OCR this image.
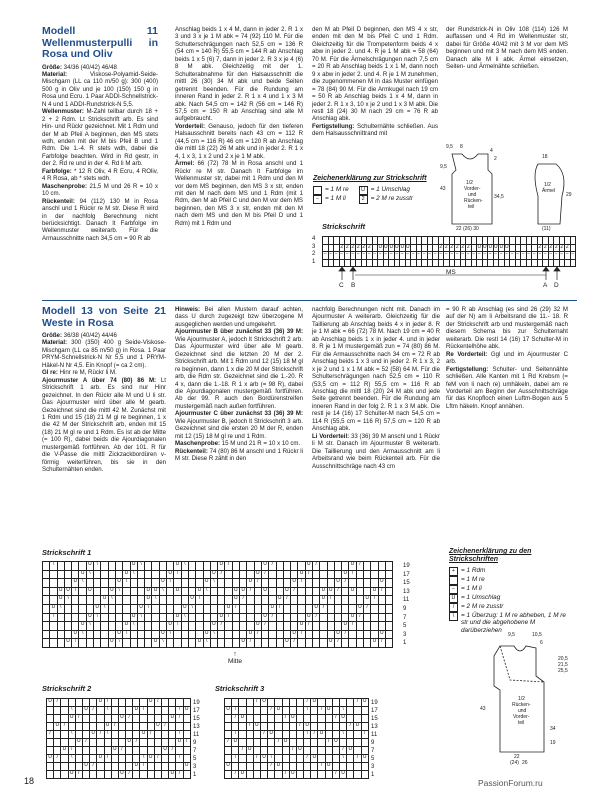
Modell 11 Wellenmusterpulli in Rosa und Oliv

Größe: 34/36 (40/42) 46/48

Material: Viskose-Polyamid-Seide-Mischgarn (LL ca 110 m/50 g): 300 (400) 500 g in Oliv und je 100 (150) 150 g in Rosa und Ecru. 1 Paar ADDI-Schnellstrick-N 4 und 1 ADDI-Rundstrick-N 5,5.

Wellenmuster: M-Zahl teilbar durch 18 + 2 + 2 Rdm. Lt Strickschrift arb. Es sind Hin- und Rückr gezeichnet. Mit 1 Rdm und der M ab Pfeil A beginnen, den MS stets wdh, enden mit der M bis Pfeil B und 1 Rdm. Die 1.-4. R stets wdh, dabei die Farbfolge beachten. Wird in Rd gestr, in der 2. Rd re und in der 4. Rd li M arb.

Farbfolge: * 12 R Oliv, 4 R Ecru, 4 ROliv, 4 R Rosa, ab * stets wdh.

Maschenprobe: 21,5 M und 26 R = 10 x 10 cm.

Rückenteil: 94 (112) 130 M in Rosa anschl und 1 Rückr re M str. Diese R wird in der nachfolg Berechnung nicht berücksichtigt. Danach lt Farbfolge im Wellenmuster weiterarb. Für die Armausschnitte nach 34,5 cm = 90 R ab

Anschlag beids 1 x 4 M, dann in jeder 2. R 1 x 3 und 3 x je 1 M abk = 74 (92) 110 M. Für die Schulterschrägungen nach 52,5 cm = 136 R (54 cm = 140 R) 55,5 cm = 144 R ab Anschlag beids 1 x 5 (6) 7, dann in jeder 2. R 3 x je 4 (6) 8 M abk. Gleichzeitig mit der 1. Schulterabnahme für den Halsausschnitt die mittl 26 (30) 34 M abk und beide Seiten getrennt beenden. Für die Rundung am inneren Rand in jeder 2. R 1 x 4 und 1 x 3 M abk. Nach 54,5 cm = 142 R (56 cm = 146 R) 57,5 cm = 150 R ab Anschlag sind alle M aufgebraucht.

Vorderteil: Genauso, jedoch für den tieferen Halsausschnitt bereits nach 43 cm = 112 R (44,5 cm = 116 R) 46 cm = 120 R ab Anschlag die mittl 18 (22) 26 M abk und in jeder 2. R 1 x 4, 1 x 3, 1 x 2 und 2 x je 1 M abk.

Ärmel: 66 (72) 78 M in Rosa anschl und 1 Rückr re M str. Danach lt Farbfolge im Wellenmuster str, dabei mit 1 Rdm und den M vor dem MS beginnen, den MS 3 x str, enden mit den M nach dem MS und 1 Rdm (mit 1 Rdm, den M ab Pfeil C und den M vor dem MS beginnen, den MS 3 x str, enden mit den M nach dem MS und den M bis Pfeil D und 1 Rdm) mit 1 Rdm und

den M ab Pfeil D beginnen, den MS 4 x str, enden mit den M bis Pfeil C und 1 Rdm. Gleichzeitig für die Trompetenform beids 4 x abw in jeder 2. und 4. R je 1 M abk = 58 (64) 70 M. Für die Ärmelschrägungen nach 7,5 cm = 20 R ab Anschlag beids 1 x 1 M, dann noch 9 x abw in jeder 2. und 4. R je 1 M zunehmen, die zugenommenen M in das Muster einfügen = 78 (84) 90 M. Für die Armkugel nach 19 cm = 50 R ab Anschlag beids 1 x 4 M, dann in jeder 2. R 1 x 3, 10 x je 2 und 1 x 3 M abk. Die restl 18 (24) 30 M nach 29 cm = 76 R ab Anschlag abk.

Fertigstellung: Schulternähte schließen. Aus dem Halsausschnittrand mit

der Rundstrick-N in Oliv 108 (114) 126 M auffassen und 4 Rd im Wellenmuster str, dabei für Größe 40/42 mit 3 M vor dem MS beginnen und mit 3 M nach dem MS enden. Danach alle M li abk. Ärmel einsetzen, Seiten- und Ärmelnähte schließen.

Zeichenerklärung zur Strickschrift
= 1 M re
− = 1 M li
U = 1 Umschlag
2 = 2 M re zusstr
9,5 8
4
2
9,5
1/2
Vorder-
und
Rücken-
teil
43
34,5
22 (26) 30
18
1/2
Ärmel
29
(11)
Strickschrift
2 2 2 2 2 2	U U U U U U	2 2 2 2 2 2	U U U U U U	2 2 2 2 2 2
− − − − − − − − − − − − − − − − − − − − − − − − − − − − − − − − − − − − − − − − − − − − − −
4
3
2
1
C B
MS
A D
Modell 13 von Seite 21 Weste in Rosa

Größe: 36/38 (40/42) 44/46

Material: 300 (350) 400 g Seide-Viskose-Mischgarn (LL ca 85 m/50 g) in Rosa. 1 Paar PRYM-Schnellstrick-N Nr 5,5 und 1 PRYM-Häkel-N Nr 4,5. Ein Knopf (= ca 2 cm).

Gl re: Hinr re M, Rückr li M.

Ajourmuster A über 74 (80) 86 M: Lt Strickschrift 1 arb. Es sind nur Hinr gezeichnet. In den Rückr alle M und U li str. Das Ajourmuster wird über alle M gearb. Gezeichnet sind die mittl 42 M. Zunächst mit 1 Rdm und 15 (18) 21 M gl re beginnen, 1 x die 42 M der Strickschrift arb, enden mit 15 (18) 21 M gl re und 1 Rdm. Es ist ab der Mitte (= 100 R), dabei beids die Ajourdiagonalen mustergemäß fortführen. Ab der 101. R für die V-Passe die mittl Zickzackbordüren v-förmig weiterführen, bis sie in den Schulternähten enden.

Hinweis: Bei allen Mustern darauf achten, dass U durch zugezeigt bzw überzogene M ausgeglichen werden und umgekehrt.

Ajourmuster B über zunächst 33 (36) 39 M: Wie Ajourmuster A, jedoch lt Strickschrift 2 arb. Das Ajourmuster wird über alle M gearb. Gezeichnet sind die letzten 20 M der 2. Strickschrift arb. Mit 1 Rdm und 12 (15) 18 M gl re beginnen, dann 1 x die 20 M der Strickschrift arb, die Rdm str. Gezeichnet sind die 1.-20. R 4 x, dann die 1.-18. R 1 x arb (= 98 R), dabei die Ajourdiagonalen mustergemäß fortführen. Ab der 99. R auch den Bordürenstreifen mustergemäß nach außen fortführen.

Ajourmuster C über zunächst 33 (36) 39 M: Wie Ajourmuster B, jedoch lt Strickschrift 3 arb. Gezeichnet sind die ersten 20 M der R, enden mit 12 (15) 18 M gl re und 1 Rdm.

Maschenprobe: 15 M und 21 R = 10 x 10 cm.

Rückenteil: 74 (80) 86 M anschl und 1 Rückr li M str. Diese R zählt in den

nachfolg Berechnungen nicht mit. Danach im Ajourmuster A weiterarb. Gleichzeitig für die Taillierung ab Anschlag beids 4 x in jeder 8. R je 1 M abk = 66 (72) 78 M. Nach 19 cm = 40 R ab Anschlag beids 1 x in jeder 4. und in jeder 8. R je 1 M mustergemäß zun = 74 (80) 86 M. Für die Armausschnitte nach 34 cm = 72 R ab Anschlag beids 1 x 3 und in jeder 2. R 1 x 3, 2 x je 2 und 1 x 1 M abk = 52 (58) 64 M. Für die Schulterschrägungen nach 52,5 cm = 110 R (53,5 cm = 112 R) 55,5 cm = 116 R ab Anschlag die mittl 18 (20) 24 M abk und jede Seite getrennt beenden. Für die Rundung am inneren Rand in der folg 2. R 1 x 3 M abk. Die restl je 14 (16) 17 Schulter-M nach 54,5 cm = 114 R (55,5 cm = 116 R) 57,5 cm = 120 R ab Anschlag abk.

Li Vorderteil: 33 (36) 39 M anschl und 1 Rückr li M str. Danach im Ajourmuster B weiterarb. Die Taillierung und den Armausschnitt am li Arbeitsrand wie beim Rückenteil arb. Für die Ausschnittschräge nach 43 cm

= 90 R ab Anschlag (es sind 26 (29) 32 M auf der N) am li Arbeitsrand die 11.- 18. R der Strickschrift arb und mustergemäß nach diesem Schema bis zur Schulternaht weiterarb. Die restl 14 (16) 17 Schulter-M in Rückentelhöhe abk.

Re Vorderteil: Ggl und im Ajourmuster C arb.

Fertigstellung: Schulter- und Seitennähte schließen. Alle Kanten mit 1 Rd Krebsm (= feM von li nach re) umhäkeln, dabei am re Vorderteil am Beginn der Ausschnittschräge für das Knopfloch einen Luftm-Bogen aus 5 Lftm häkeln. Knopf annähen.

Strickschrift 1
\	U \	U \	U \	U /	U /	U /	U /
U \	U \	U \	U /	U /	U /	U /
U \	U \	U \	U \	U /	U /	U /	U
U U \	U	U \	U U \	U	U \	U U /	U	U /	U U /	U	U /
U \	U \	U \	U \	U /	U /	U /	U /
U \	U \	U \	U \	U /	U /	U /	U /
\	U \	U \	U \	U /	U /	U /	U /
U \	U \	U \	U /	U /	U /	U /
U \	U \	U \	U \	U /	U /	U /	U
U \	U \	U \	U \	U /	U /	U /	U /
19
17
15
13
11
9
7
5
3
1
↑
Mitte
Strickschrift 2
U /	U /	U /
\	U /	\	U /	\ U
U /	U /	U /
U /	U /	U /
/	\	U /	\	U /	\
U /	U /	U /
U /	U /	U /
U /	\	U /	\ U /	\
U /	U /	U
U /	U /	U /
19
17
15
13
11
9
7
5
3
1
Strickschrift 3
/ U	/ U	/ U
U \	/ U	\	/ U	\
/ U	/ U	/ U
/ U	/ U	/ U
\	/ U	\	/ U	\	/
/ U	/ U	/ U
/ U	/ U	/ U
\	/ U \	/ U	\	/ U
U	/ U	/ U
/ U	/ U	/ U
19
17
15
13
11
9
7
5
3
1
Zeichenerklärung zu den Strickschriften
+ = 1 Rdm
= 1 M re
− = 1 M li
U = 1 Umschlag
/	= 2 M re zusstr
\	= 1 Überzug: 1 M re abheben, 1 M re str und die abgehobene M darüberziehen
9,5	10,5
6
20,5
21,5
25,5
1/2
Rücken-
und
Vorder-
teil
43
34
19
22
(24) 26
18	PassionForum.ru
